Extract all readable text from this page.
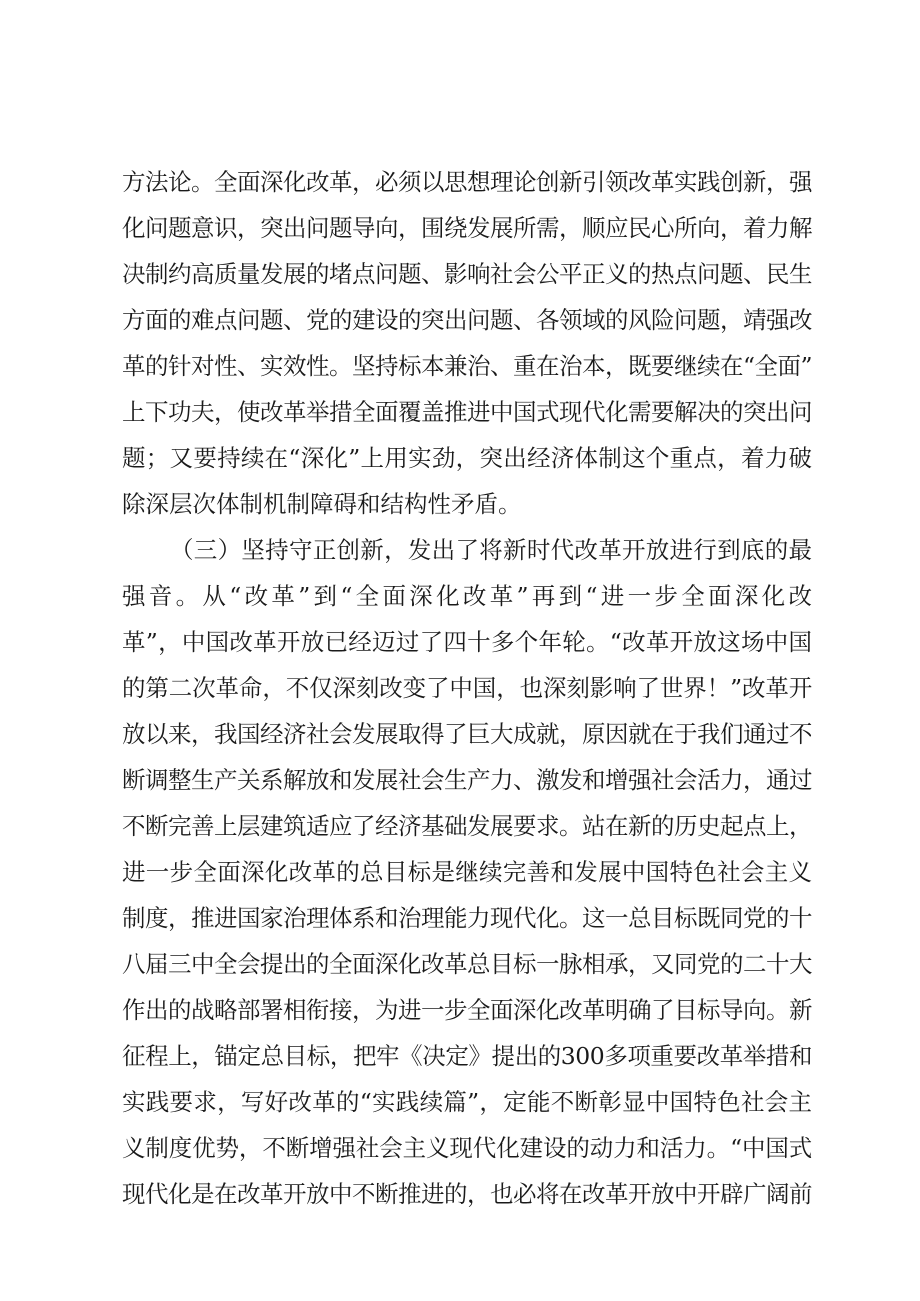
方法论。全面深化改革，必须以思想理论创新引领改革实践创新，强
化问题意识，突出问题导向，围绕发展所需，顺应民心所向，着力解
决制约高质量发展的堵点问题、影响社会公平正义的热点问题、民生
方面的难点问题、党的建设的突出问题、各领域的风险问题，靖强改
革的针对性、实效性。坚持标本兼治、重在治本，既要继续在“全面”
上下功夫，使改革举措全面覆盖推进中国式现代化需要解决的突出问
题；又要持续在“深化”上用实劲，突出经济体制这个重点，着力破
除深层次体制机制障碍和结构性矛盾。
（三）坚持守正创新，发出了将新时代改革开放进行到底的最
强音。从“改革”到“全面深化改革”再到“进一步全面深化改
革”，中国改革开放已经迈过了四十多个年轮。“改革开放这场中国
的第二次革命，不仅深刻改变了中国，也深刻影响了世界！”改革开
放以来，我国经济社会发展取得了巨大成就，原因就在于我们通过不
断调整生产关系解放和发展社会生产力、激发和增强社会活力，通过
不断完善上层建筑适应了经济基础发展要求。站在新的历史起点上，
进一步全面深化改革的总目标是继续完善和发展中国特色社会主义
制度，推进国家治理体系和治理能力现代化。这一总目标既同党的十
八届三中全会提出的全面深化改革总目标一脉相承，又同党的二十大
作出的战略部署相衔接，为进一步全面深化改革明确了目标导向。新
征程上，锚定总目标，把牢《决定》提出的300多项重要改革举措和
实践要求，写好改革的“实践续篇”，定能不断彰显中国特色社会主
义制度优势，不断增强社会主义现代化建设的动力和活力。“中国式
现代化是在改革开放中不断推进的，也必将在改革开放中开辟广阔前
